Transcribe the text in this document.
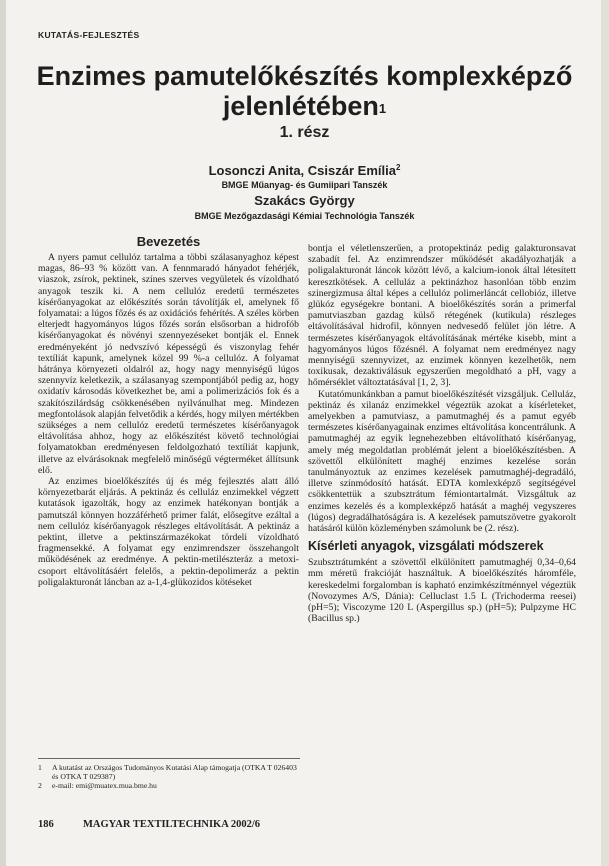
KUTATÁS-FEJLESZTÉS
Enzimes pamutelőkészítés komplexképző
jelenlétében$^1$
1. rész
Losonczi Anita, Csiszár Emília$^2$
BMGE Műanyag- és Gumiipari Tanszék
Szakács György
BMGE Mezőgazdasági Kémiai Technológia Tanszék
Bevezetés

A nyers pamut cellulóz tartalma a többi szálasanyaghoz képest magas, 86–93 % között van. A fennmaradó hányadot fehérjék, viaszok, zsírok, pektinek, színes szerves vegyületek és vízoldható anyagok teszik ki. A nem cellulóz eredetű természetes kísérőanyagokat az előkészítés során távolítják el, amelynek fő folyamatai: a lúgos főzés és az oxidációs fehérítés. A széles körben elterjedt hagyományos lúgos főzés során elsősorban a hidrofób kísérőanyagokat és növényi szennyezéseket bontják el. Ennek eredményeként jó nedvszívó képességű és viszonylag fehér textíliát kapunk, amelynek közel 99 %-a cellulóz. A folyamat hátránya környezeti oldalról az, hogy nagy mennyiségű lúgos szennyvíz keletkezik, a szálasanyag szempontjából pedig az, hogy oxidatív károsodás következhet be, ami a polimerizációs fok és a szakítószilárdság csökkenésében nyilvánulhat meg. Mindezen megfontolások alapján felvetődik a kérdés, hogy milyen mértékben szükséges a nem cellulóz eredetű természetes kísérőanyagok eltávolítása ahhoz, hogy az előkészítést követő technológiai folyamatokban eredményesen feldolgozható textíliát kapjunk, illetve az elvárásoknak megfelelő minőségű végterméket állítsunk elő.

Az enzimes bioelőkészítés új és még fejlesztés alatt álló környezetbarát eljárás. A pektináz és celluláz enzimekkel végzett kutatások igazolták, hogy az enzimek hatékonyan bontják a pamutszál könnyen hozzáférhető primer falát, elősegítve ezáltal a nem cellulóz kísérőanyagok részleges eltávolítását. A pektináz a pektint, illetve a pektinszármazékokat tördeli vízoldható fragmensekké. A folyamat egy enzimrendszer összehangolt működésének az eredménye. A pektin-metilészteráz a metoxi-csoport eltávolításáért felelős, a pektin-depolimeráz a pektin poligalakturonát láncban az a-1,4-glükozidos kötéseket

bontja el véletlenszerűen, a protopektináz pedig galakturonsavat szabadít fel. Az enzimrendszer működését akadályozhatják a poligalakturonát láncok között lévő, a kalcium-ionok által létesített keresztkötések. A celluláz a pektinázhoz hasonlóan több enzim szinergizmusa által képes a cellulóz polimerláncát cellobióz, illetve glükóz egységekre bontani. A bioelőkészítés során a primerfal pamutviaszban gazdag külső rétegének (kutikula) részleges eltávolításával hidrofil, könnyen nedvesedő felület jön létre. A természetes kísérőanyagok eltávolításának mértéke kisebb, mint a hagyományos lúgos főzésnél. A folyamat nem eredményez nagy mennyiségű szennyvizet, az enzimek könnyen kezelhetők, nem toxikusak, dezaktiválásuk egyszerűen megoldható a pH, vagy a hőmérséklet változtatásával [1, 2, 3].

Kutatómunkánkban a pamut bioelőkészítését vizsgáljuk. Celluláz, pektináz és xilanáz enzimekkel végeztük azokat a kísérleteket, amelyekben a pamutviasz, a pamutmaghéj és a pamut egyéb természetes kísérőanyagainak enzimes eltávolítása koncentrálunk. A pamutmaghéj az egyik legnehezebben eltávolítható kísérőanyag, amely még megoldatlan problémát jelent a bioelőkészítésben. A szövettől elkülönített maghéj enzimes kezelése során tanulmányoztuk az enzimes kezelések pamutmaghéj-degradáló, illetve színmódosító hatását. EDTA komlexképző segítségével csökkentettük a szubsztrátum fémiontartalmát. Vizsgáltuk az enzimes kezelés és a komplexképző hatását a maghéj vegyszeres (lúgos) degradálhatóságára is. A kezelések pamutszövetre gyakorolt hatásáról külön közleményben számolunk be (2. rész).

Kísérleti anyagok, vizsgálati módszerek

Szubsztrátumként a szövettől elkülönített pamutmaghéj 0,34–0,64 mm méretű frakcióját használtuk. A bioelőkészítés háromféle, kereskedelmi forgalomban is kapható enzimkészítménnyel végeztük (Novozymes A/S, Dánia): Celluclast 1.5 L (Trichoderma reesei) (pH=5); Viscozyme 120 L (Aspergillus sp.) (pH=5); Pulpzyme HC (Bacillus sp.)

1	A kutatást az Országos Tudományos Kutatási Alap támogatja (OTKA T 026403 és OTKA T 029387)
2	e-mail: emi@muatex.mua.bme.hu
186	MAGYAR TEXTILTECHNIKA 2002/6
